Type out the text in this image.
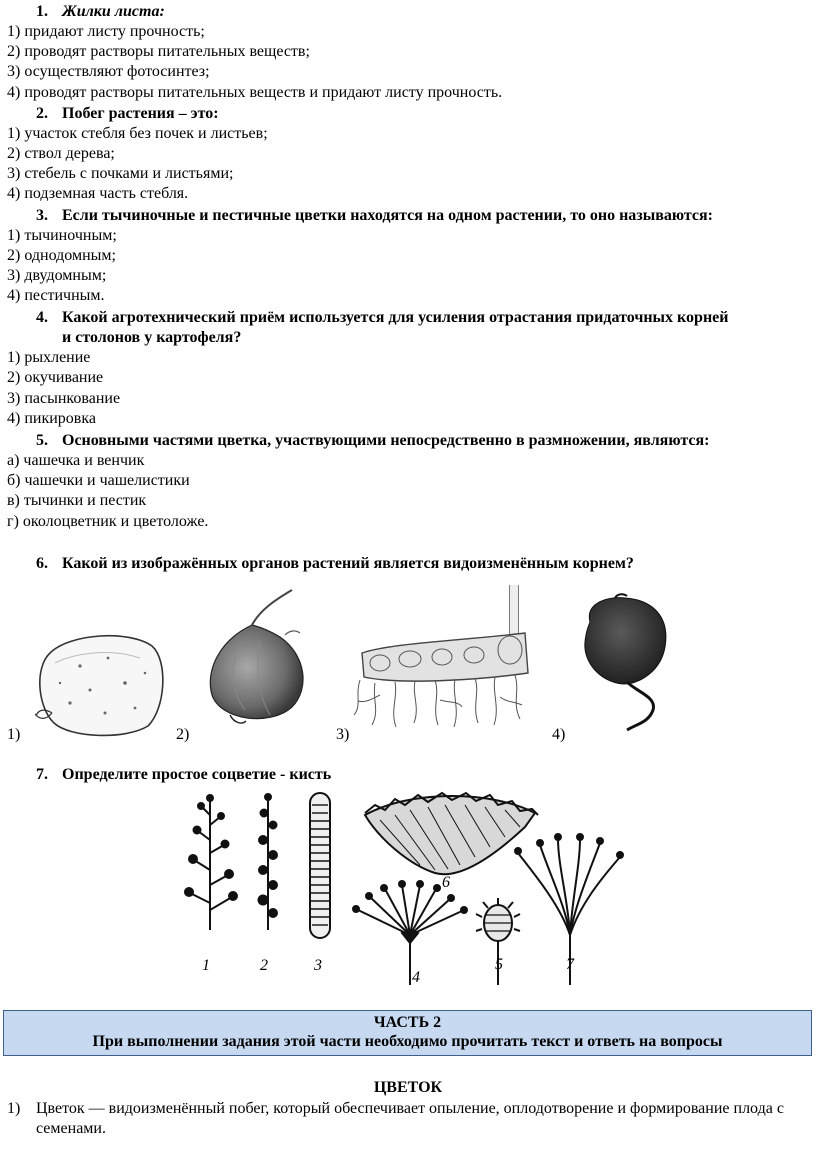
1. Жилки листа:
1) придают листу прочность;
2) проводят растворы питательных веществ;
3) осуществляют фотосинтез;
4) проводят растворы питательных веществ и придают листу прочность.
2. Побег растения – это:
1) участок стебля без почек и листьев;
2) ствол дерева;
3) стебель с почками и листьями;
4) подземная часть стебля.
3. Если тычиночные и пестичные цветки находятся на одном растении, то оно называются:
1) тычиночным;
2) однодомным;
3) двудомным;
4) пестичным.
4. Какой агротехнический приём используется для усиления отрастания придаточных корней
и столонов у картофеля?
1) рыхление
2) окучивание
3) пасынкование
4) пикировка
5. Основными частями цветка, участвующими непосредственно в размножении, являются:
а) чашечка и венчик
б) чашечки и чашелистики
в) тычинки и пестик
г) околоцветник и цветоложе.
6. Какой из изображённых органов растений является видоизменённым корнем?
1)	2)	3)	4)
7. Определите простое соцветие - кисть
1	2	3
4
5
6
7
ЧАСТЬ 2
При выполнении задания этой части необходимо прочитать текст и ответь на вопросы
ЦВЕТОК
1) Цветок — видоизменённый побег, который обеспечивает опыление, оплодотворение и формирование плода с семенами.
